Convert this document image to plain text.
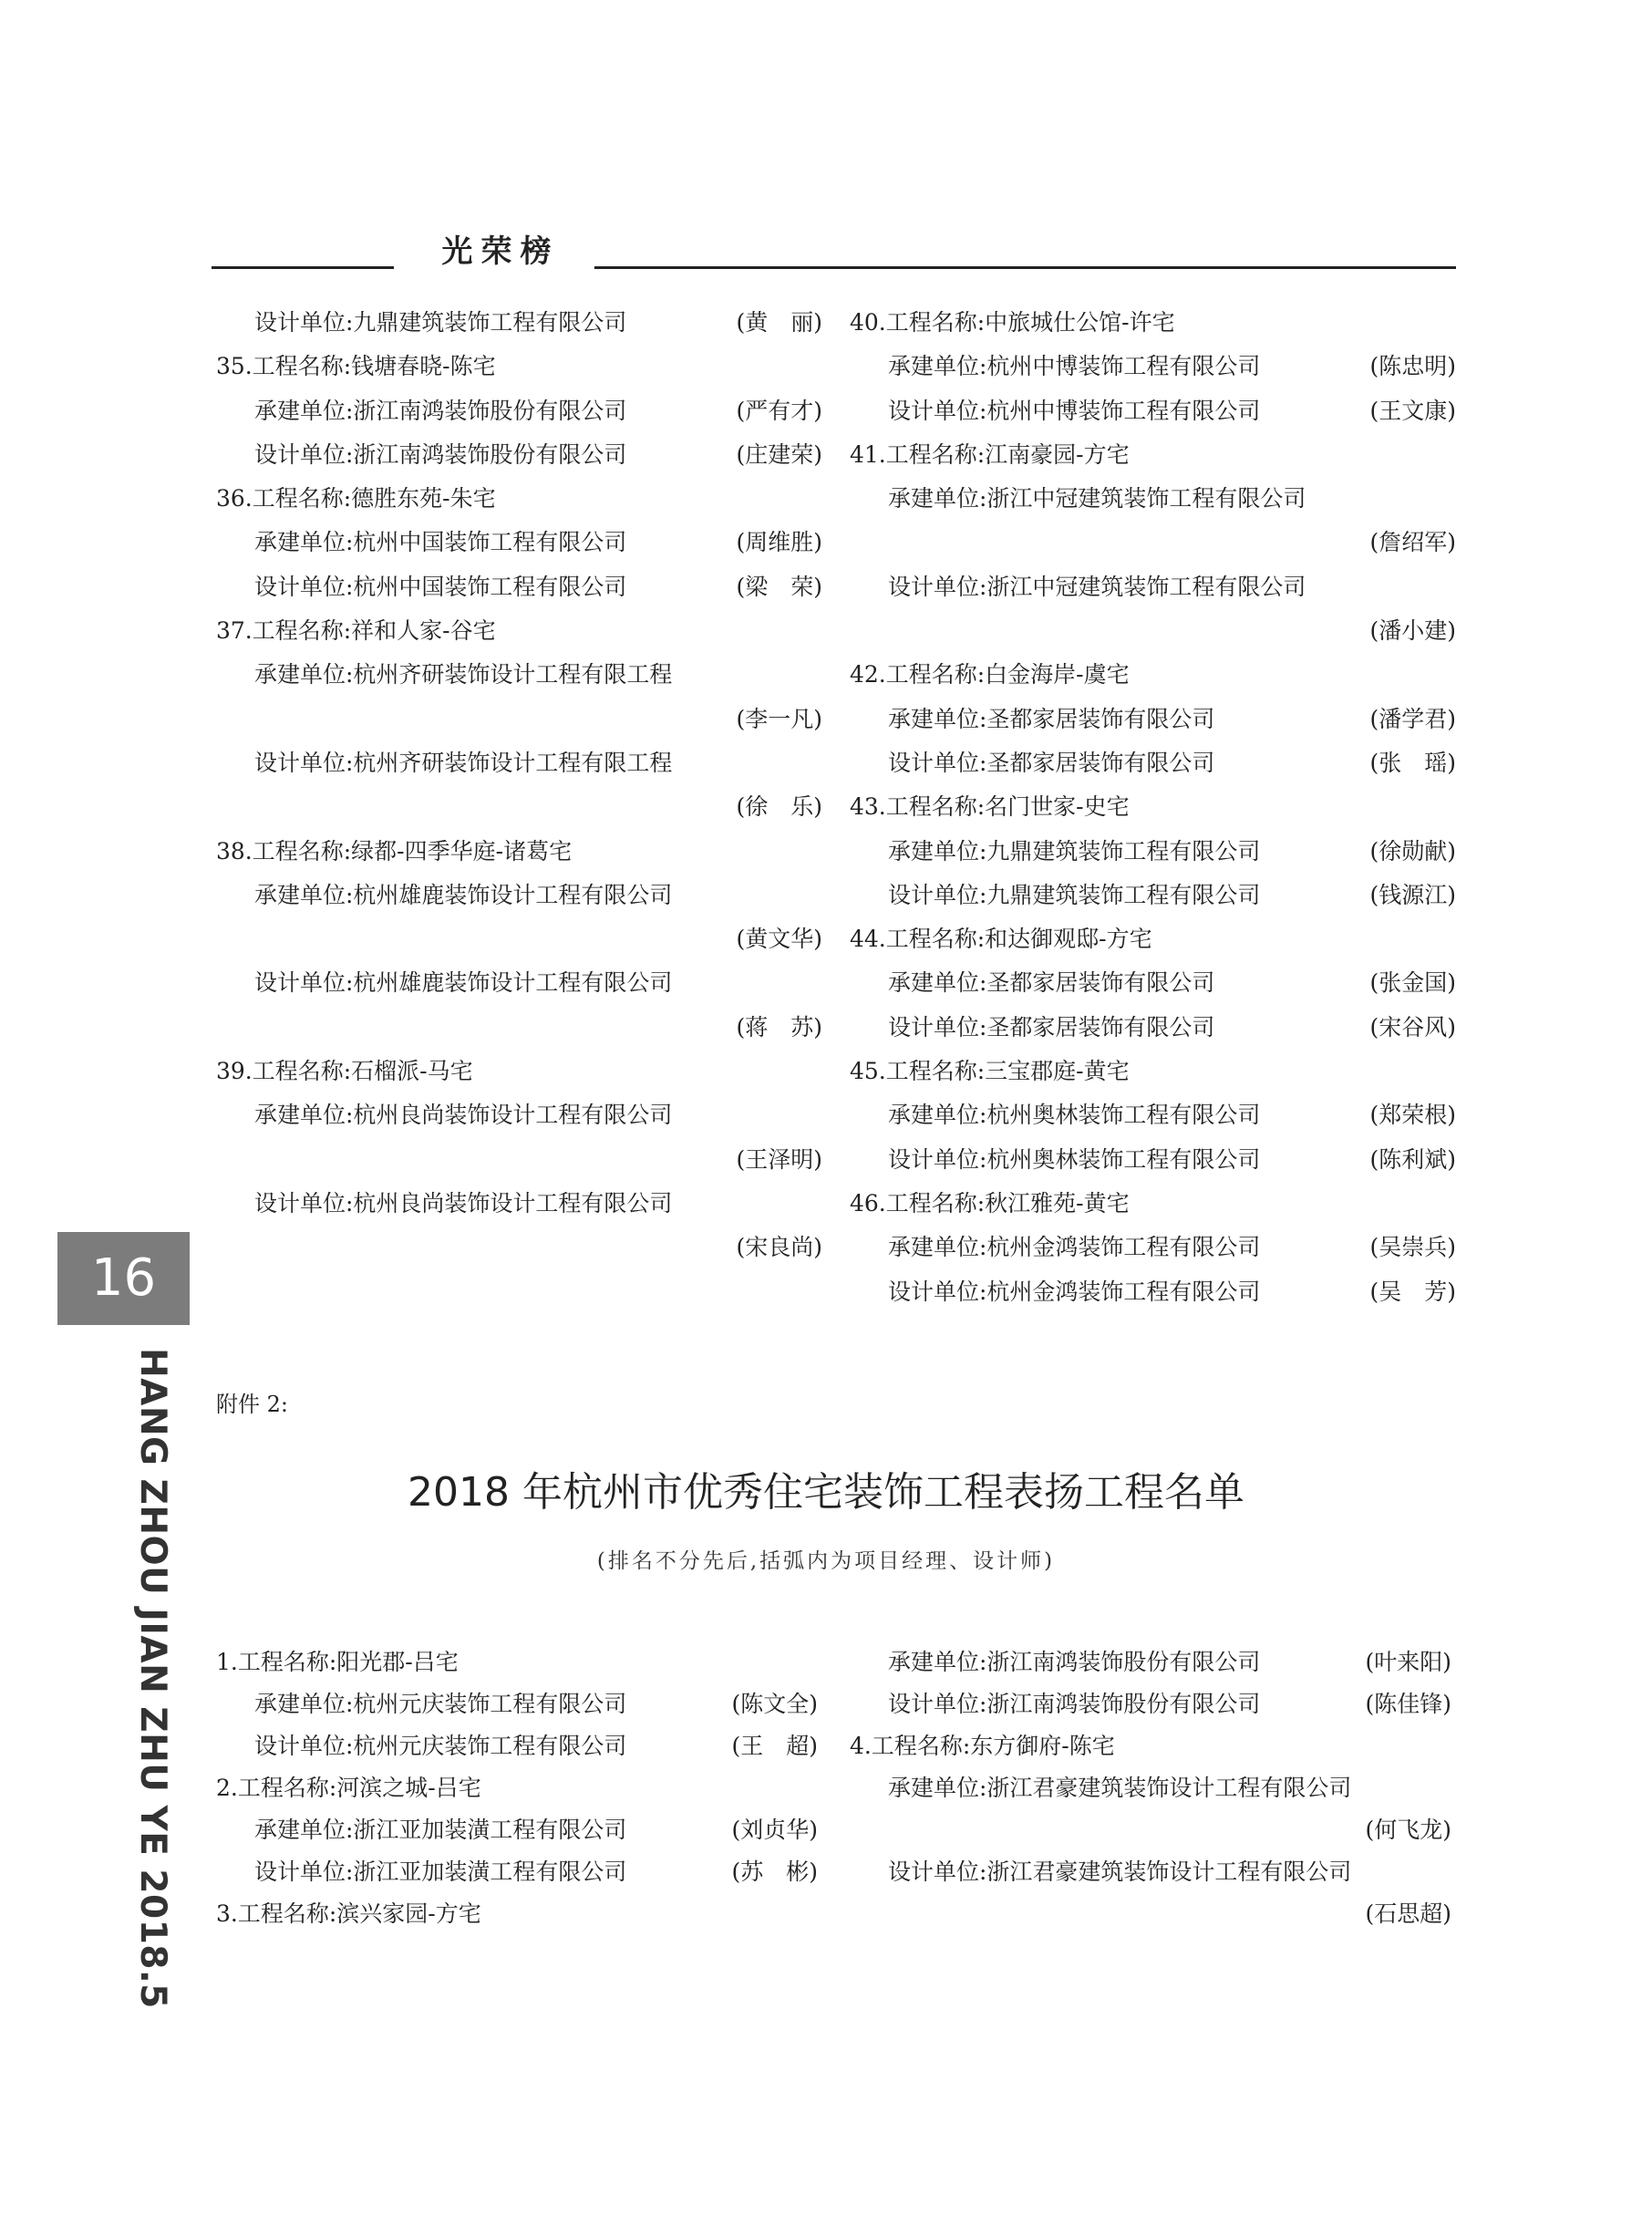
光荣榜
设计单位:九鼎建筑装饰工程有限公司	(黄　丽)
35.工程名称:钱塘春晓-陈宅
承建单位:浙江南鸿装饰股份有限公司	(严有才)
设计单位:浙江南鸿装饰股份有限公司	(庄建荣)
36.工程名称:德胜东苑-朱宅
承建单位:杭州中国装饰工程有限公司	(周维胜)
设计单位:杭州中国装饰工程有限公司	(梁　荣)
37.工程名称:祥和人家-谷宅
承建单位:杭州齐研装饰设计工程有限工程
(李一凡)
设计单位:杭州齐研装饰设计工程有限工程
(徐　乐)
38.工程名称:绿都-四季华庭-诸葛宅
承建单位:杭州雄鹿装饰设计工程有限公司
(黄文华)
设计单位:杭州雄鹿装饰设计工程有限公司
(蒋　苏)
39.工程名称:石榴派-马宅
承建单位:杭州良尚装饰设计工程有限公司
(王泽明)
设计单位:杭州良尚装饰设计工程有限公司
(宋良尚)
40.工程名称:中旅城仕公馆-许宅
承建单位:杭州中博装饰工程有限公司	(陈忠明)
设计单位:杭州中博装饰工程有限公司	(王文康)
41.工程名称:江南豪园-方宅
承建单位:浙江中冠建筑装饰工程有限公司
(詹绍军)
设计单位:浙江中冠建筑装饰工程有限公司
(潘小建)
42.工程名称:白金海岸-虞宅
承建单位:圣都家居装饰有限公司	(潘学君)
设计单位:圣都家居装饰有限公司	(张　瑶)
43.工程名称:名门世家-史宅
承建单位:九鼎建筑装饰工程有限公司	(徐勋献)
设计单位:九鼎建筑装饰工程有限公司	(钱源江)
44.工程名称:和达御观邸-方宅
承建单位:圣都家居装饰有限公司	(张金国)
设计单位:圣都家居装饰有限公司	(宋谷风)
45.工程名称:三宝郡庭-黄宅
承建单位:杭州奥林装饰工程有限公司	(郑荣根)
设计单位:杭州奥林装饰工程有限公司	(陈利斌)
46.工程名称:秋江雅苑-黄宅
承建单位:杭州金鸿装饰工程有限公司	(吴崇兵)
设计单位:杭州金鸿装饰工程有限公司	(吴　芳)
16
HANG ZHOU JIAN ZHU YE 2018.5 附件 2:
2018 年杭州市优秀住宅装饰工程表扬工程名单
(排名不分先后,括弧内为项目经理、设计师)
1.工程名称:阳光郡-吕宅
承建单位:杭州元庆装饰工程有限公司	(陈文全)
设计单位:杭州元庆装饰工程有限公司	(王　超)
2.工程名称:河滨之城-吕宅
承建单位:浙江亚加装潢工程有限公司	(刘贞华)
设计单位:浙江亚加装潢工程有限公司	(苏　彬)
3.工程名称:滨兴家园-方宅
承建单位:浙江南鸿装饰股份有限公司	(叶来阳)
设计单位:浙江南鸿装饰股份有限公司	(陈佳锋)
4.工程名称:东方御府-陈宅
承建单位:浙江君豪建筑装饰设计工程有限公司
(何飞龙)
设计单位:浙江君豪建筑装饰设计工程有限公司
(石思超)
